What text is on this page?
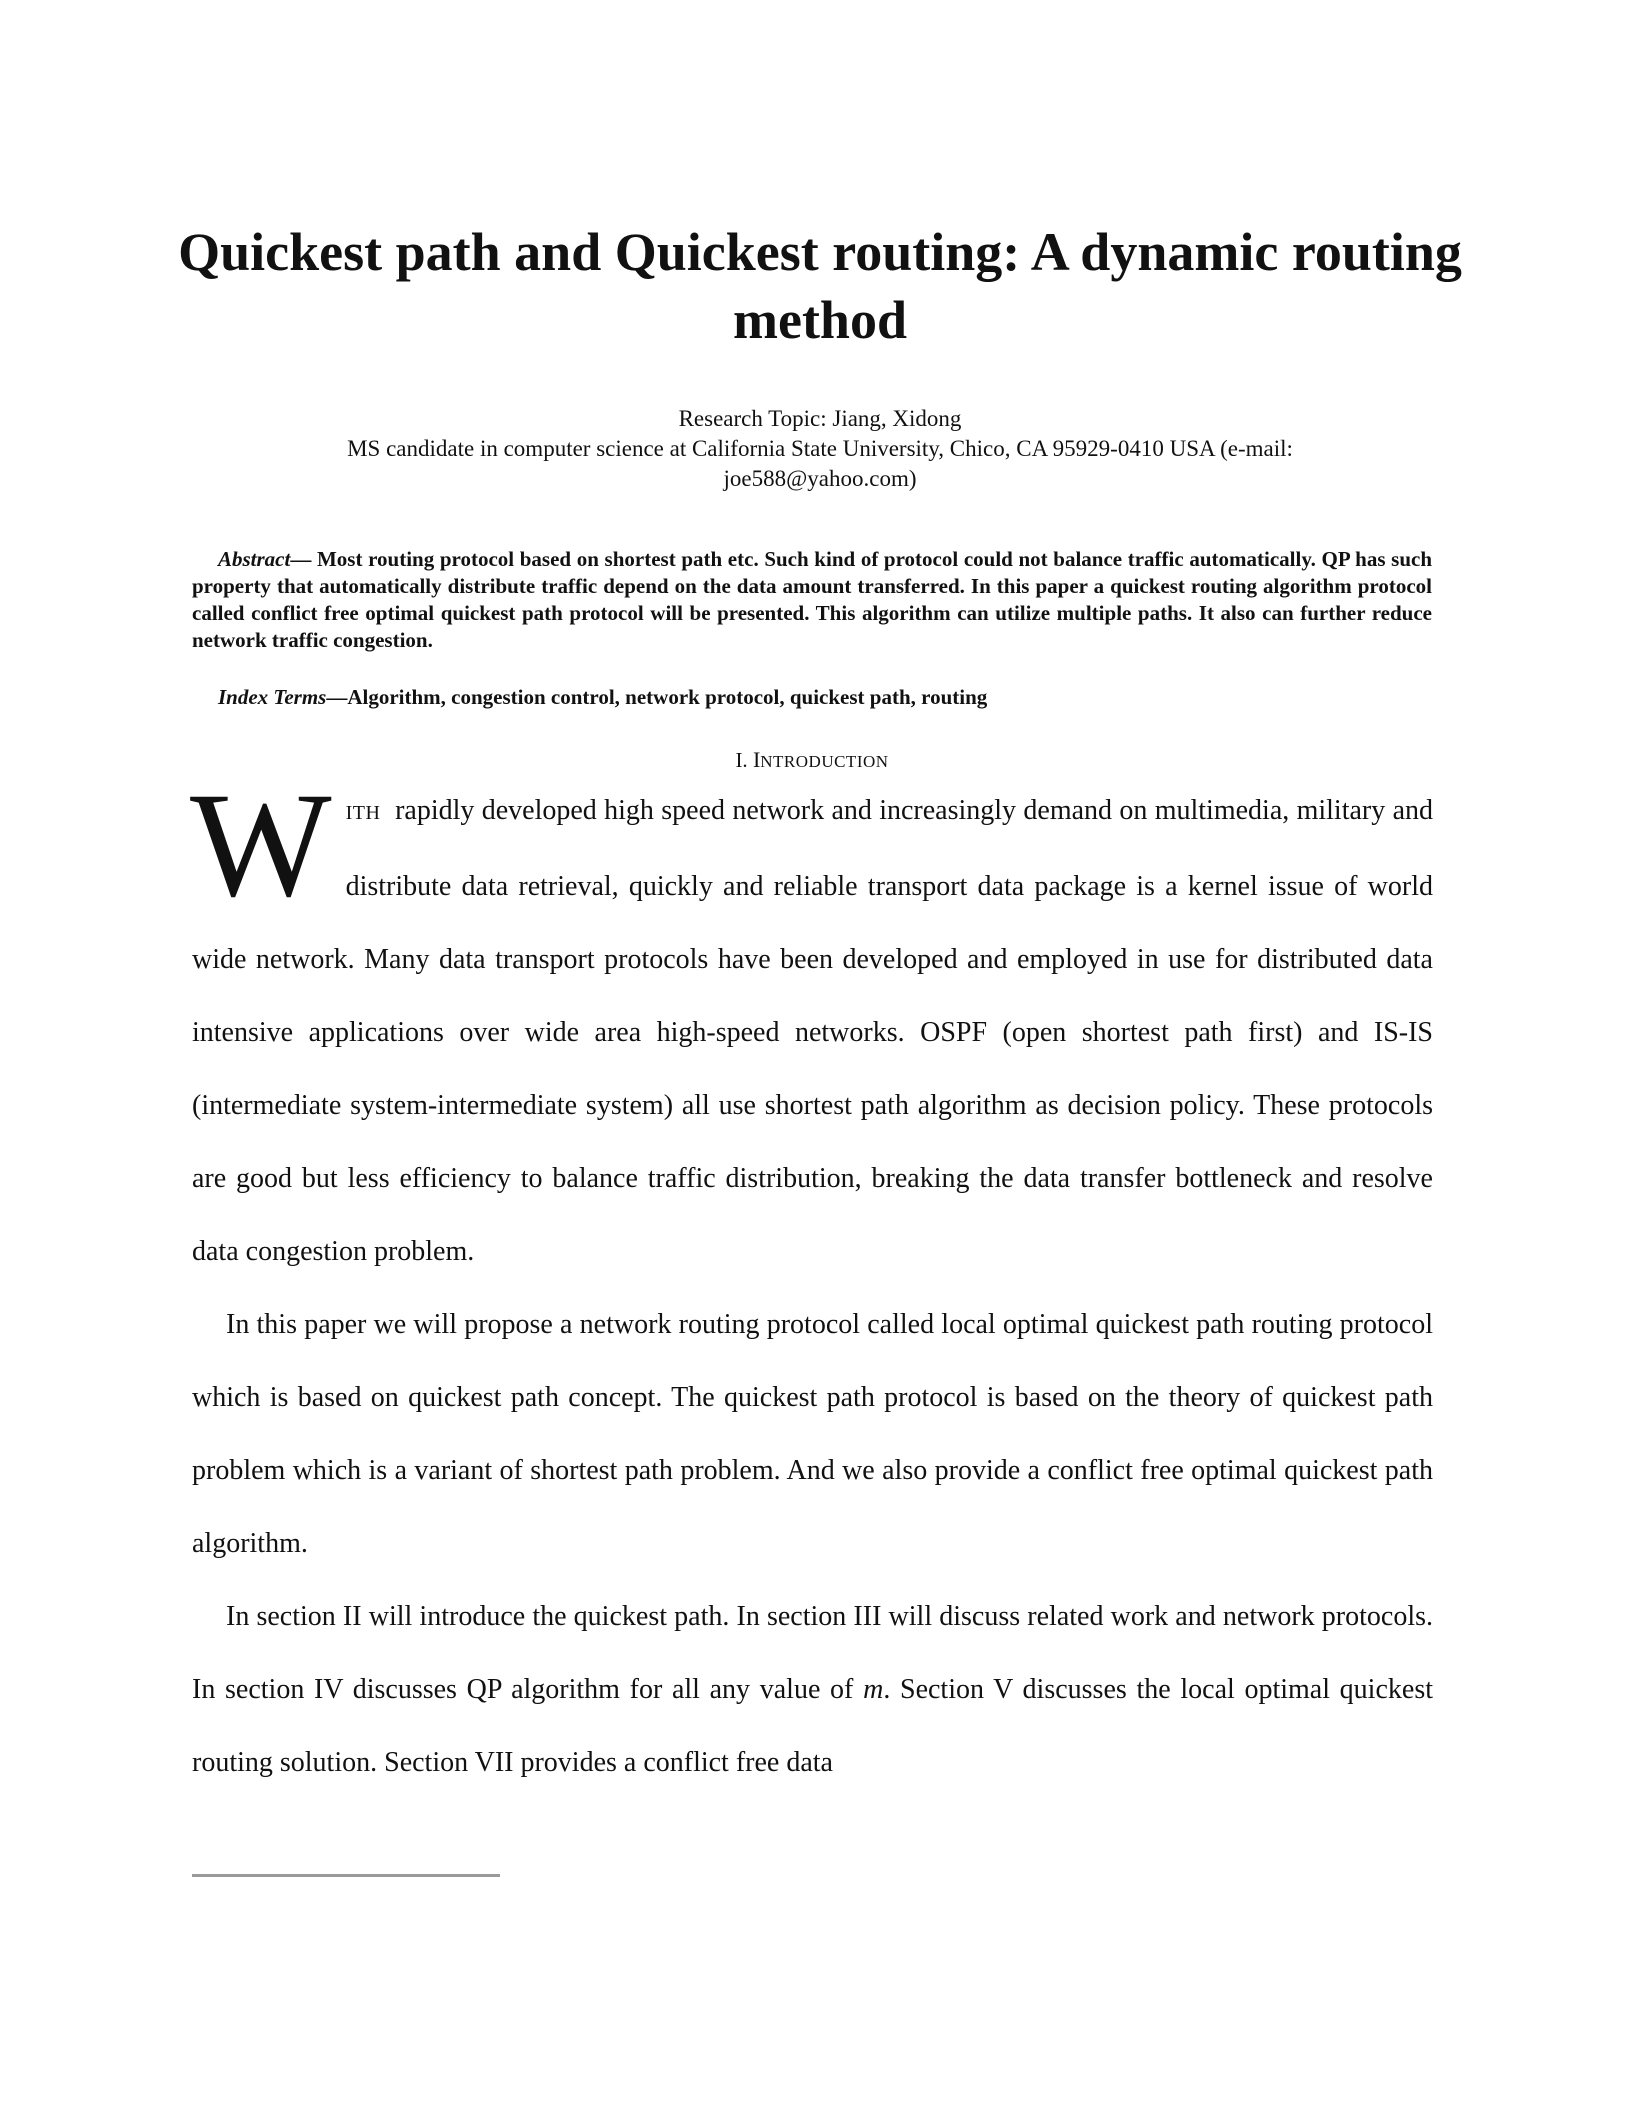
Quickest path and Quickest routing: A dynamic routing method
Research Topic: Jiang, Xidong
MS candidate in computer science at California State University, Chico, CA 95929-0410 USA (e-mail:
joe588@yahoo.com)

Abstract— Most routing protocol based on shortest path etc. Such kind of protocol could not balance traffic automatically. QP has such property that automatically distribute traffic depend on the data amount transferred. In this paper a quickest routing algorithm protocol called conflict free optimal quickest path protocol will be presented. This algorithm can utilize multiple paths. It also can further reduce network traffic congestion.

Index Terms—Algorithm, congestion control, network protocol, quickest path, routing

I. INTRODUCTION

WITH rapidly developed high speed network and increasingly demand on multimedia, military and distribute data retrieval, quickly and reliable transport data package is a kernel issue of world wide network. Many data transport protocols have been developed and employed in use for distributed data intensive applications over wide area high-speed networks. OSPF (open shortest path first) and IS-IS (intermediate system-intermediate system) all use shortest path algorithm as decision policy. These protocols are good but less efficiency to balance traffic distribution, breaking the data transfer bottleneck and resolve data congestion problem.

In this paper we will propose a network routing protocol called local optimal quickest path routing protocol which is based on quickest path concept. The quickest path protocol is based on the theory of quickest path problem which is a variant of shortest path problem. And we also provide a conflict free optimal quickest path algorithm.

In section II will introduce the quickest path. In section III will discuss related work and network protocols. In section IV discusses QP algorithm for all any value of m. Section V discusses the local optimal quickest routing solution. Section VII provides a conflict free data
